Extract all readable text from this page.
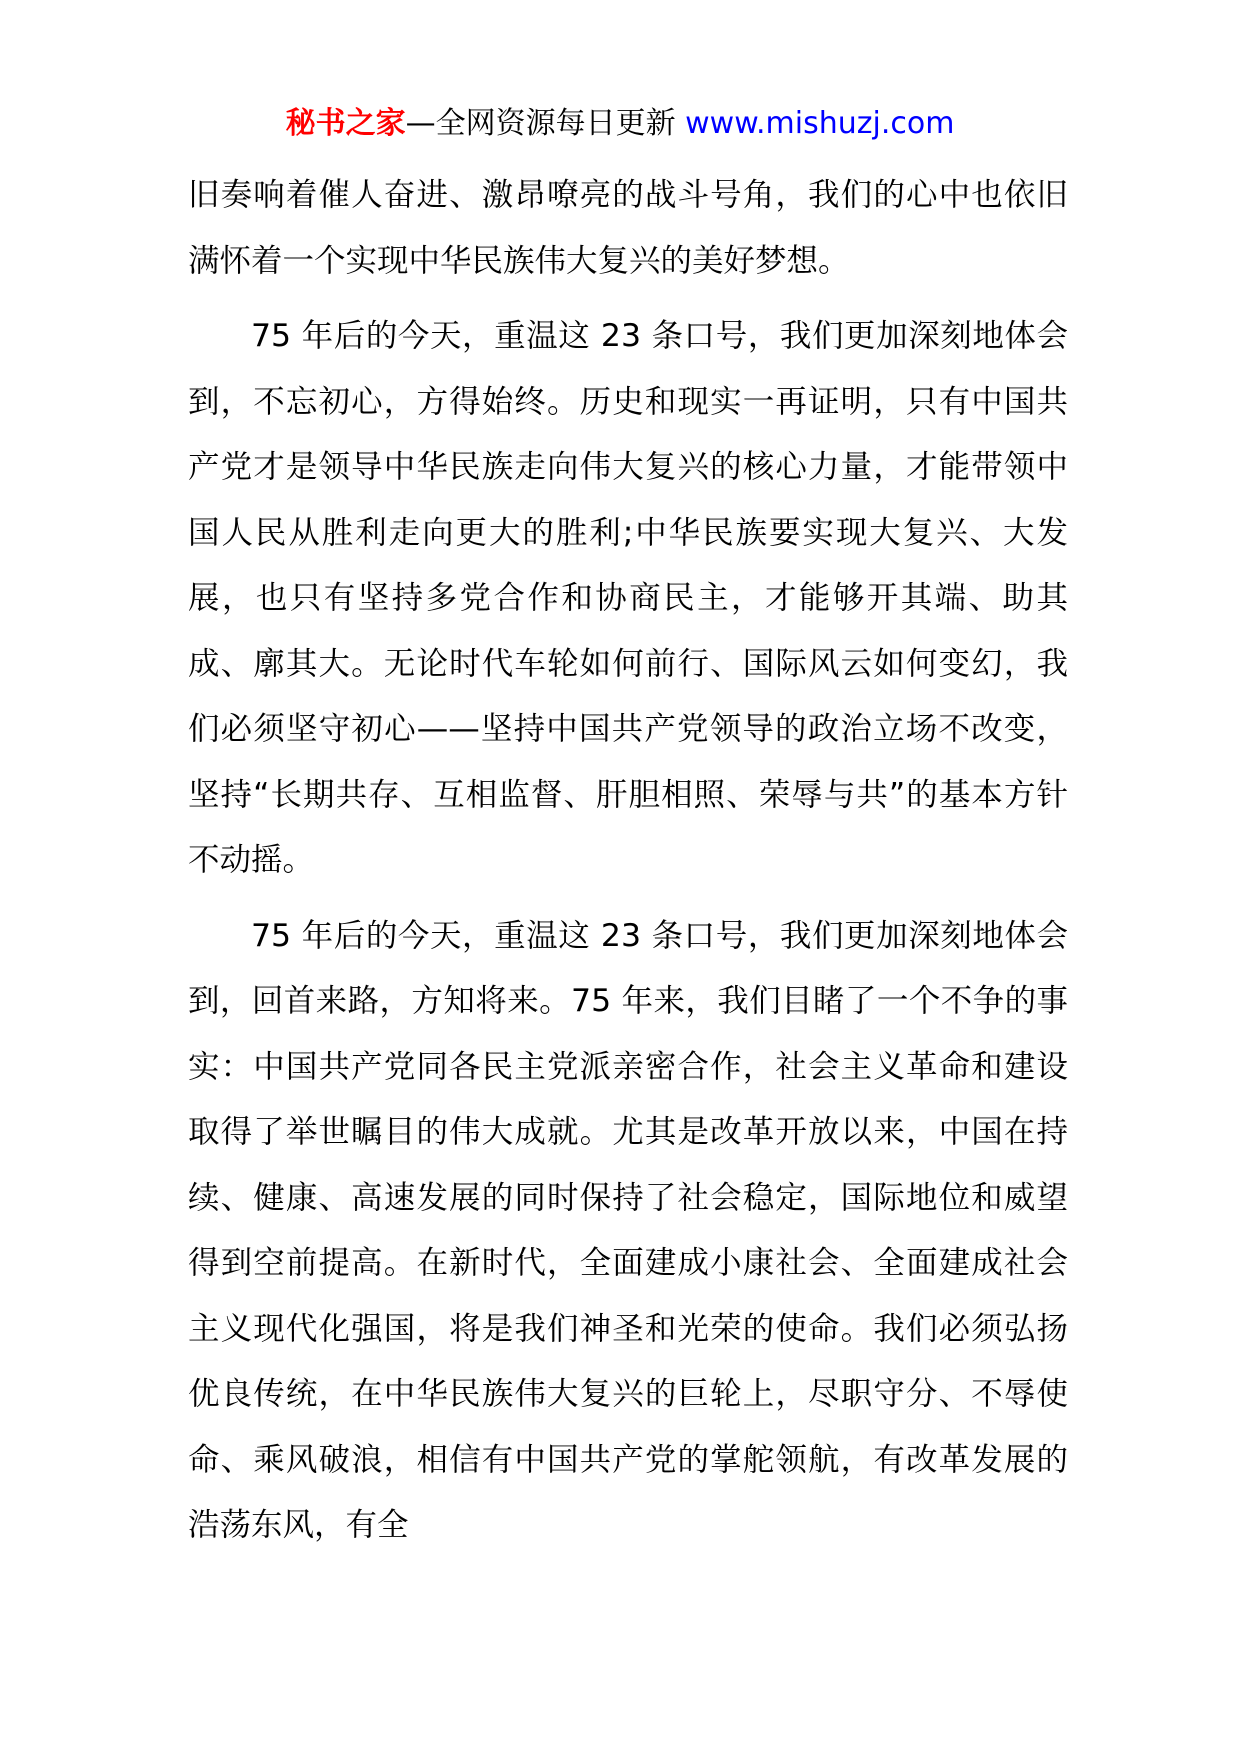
秘书之家—全网资源每日更新 www.mishuzj.com

旧奏响着催人奋进、激昂嘹亮的战斗号角，我们的心中也依旧满怀着一个实现中华民族伟大复兴的美好梦想。

75 年后的今天，重温这 23 条口号，我们更加深刻地体会到，不忘初心，方得始终。历史和现实一再证明，只有中国共产党才是领导中华民族走向伟大复兴的核心力量，才能带领中国人民从胜利走向更大的胜利;中华民族要实现大复兴、大发展，也只有坚持多党合作和协商民主，才能够开其端、助其成、廓其大。无论时代车轮如何前行、国际风云如何变幻，我们必须坚守初心——坚持中国共产党领导的政治立场不改变，坚持“长期共存、互相监督、肝胆相照、荣辱与共”的基本方针不动摇。

75 年后的今天，重温这 23 条口号，我们更加深刻地体会到，回首来路，方知将来。75 年来，我们目睹了一个不争的事实：中国共产党同各民主党派亲密合作，社会主义革命和建设取得了举世瞩目的伟大成就。尤其是改革开放以来，中国在持续、健康、高速发展的同时保持了社会稳定，国际地位和威望得到空前提高。在新时代，全面建成小康社会、全面建成社会主义现代化强国，将是我们神圣和光荣的使命。我们必须弘扬优良传统，在中华民族伟大复兴的巨轮上，尽职守分、不辱使命、乘风破浪，相信有中国共产党的掌舵领航，有改革发展的浩荡东风，有全
